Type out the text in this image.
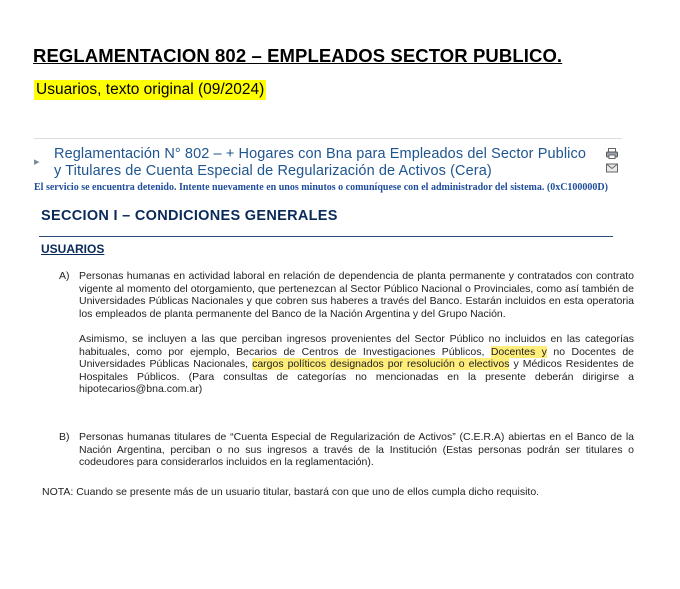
REGLAMENTACION 802 – EMPLEADOS SECTOR PUBLICO.
Usuarios, texto original (09/2024)
▸ Reglamentación N° 802 – + Hogares con Bna para Empleados del Sector Publico y Titulares de Cuenta Especial de Regularización de Activos (Cera)
El servicio se encuentra detenido. Intente nuevamente en unos minutos o comuníquese con el administrador del sistema. (0xC100000D)
SECCION I – CONDICIONES GENERALES
USUARIOS
A) Personas humanas en actividad laboral en relación de dependencia de planta permanente y contratados con contrato vigente al momento del otorgamiento, que pertenezcan al Sector Público Nacional o Provinciales, como así también de Universidades Públicas Nacionales y que cobren sus haberes a través del Banco. Estarán incluidos en esta operatoria los empleados de planta permanente del Banco de la Nación Argentina y del Grupo Nación.
Asimismo, se incluyen a las que perciban ingresos provenientes del Sector Público no incluidos en las categorías habituales, como por ejemplo, Becarios de Centros de Investigaciones Públicos, Docentes y no Docentes de Universidades Públicas Nacionales, cargos políticos designados por resolución o electivos y Médicos Residentes de Hospitales Públicos. (Para consultas de categorías no mencionadas en la presente deberán dirigirse a hipotecarios@bna.com.ar)
B) Personas humanas titulares de “Cuenta Especial de Regularización de Activos” (C.E.R.A) abiertas en el Banco de la Nación Argentina, perciban o no sus ingresos a través de la Institución (Estas personas podrán ser titulares o codeudores para considerarlos incluidos en la reglamentación).
NOTA: Cuando se presente más de un usuario titular, bastará con que uno de ellos cumpla dicho requisito.
